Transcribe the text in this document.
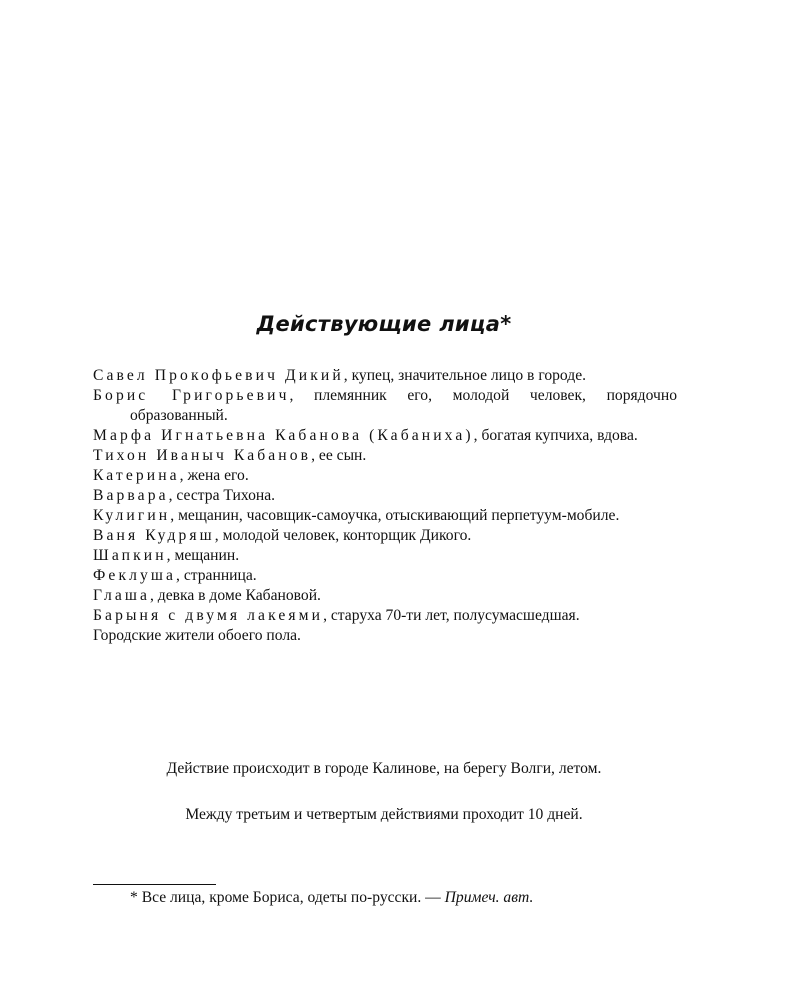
Действующие лица*
Савел Прокофьевич Дикий, купец, значительное лицо в городе.
Борис Григорьевич, племянник его, молодой человек, порядочно образованный.
Марфа Игнатьевна Кабанова (Кабаниха), богатая купчиха, вдова.
Тихон Иваныч Кабанов, ее сын.
Катерина, жена его.
Варвара, сестра Тихона.
Кулигин, мещанин, часовщик-самоучка, отыскивающий перпетуум-мобиле.
Ваня Кудряш, молодой человек, конторщик Дикого.
Шапкин, мещанин.
Феклуша, странница.
Глаша, девка в доме Кабановой.
Барыня с двумя лакеями, старуха 70-ти лет, полусумасшедшая.
Городские жители обоего пола.

Действие происходит в городе Калинове, на берегу Волги, летом.

Между третьим и четвертым действиями проходит 10 дней.

* Все лица, кроме Бориса, одеты по-русски. — Примеч. авт.
